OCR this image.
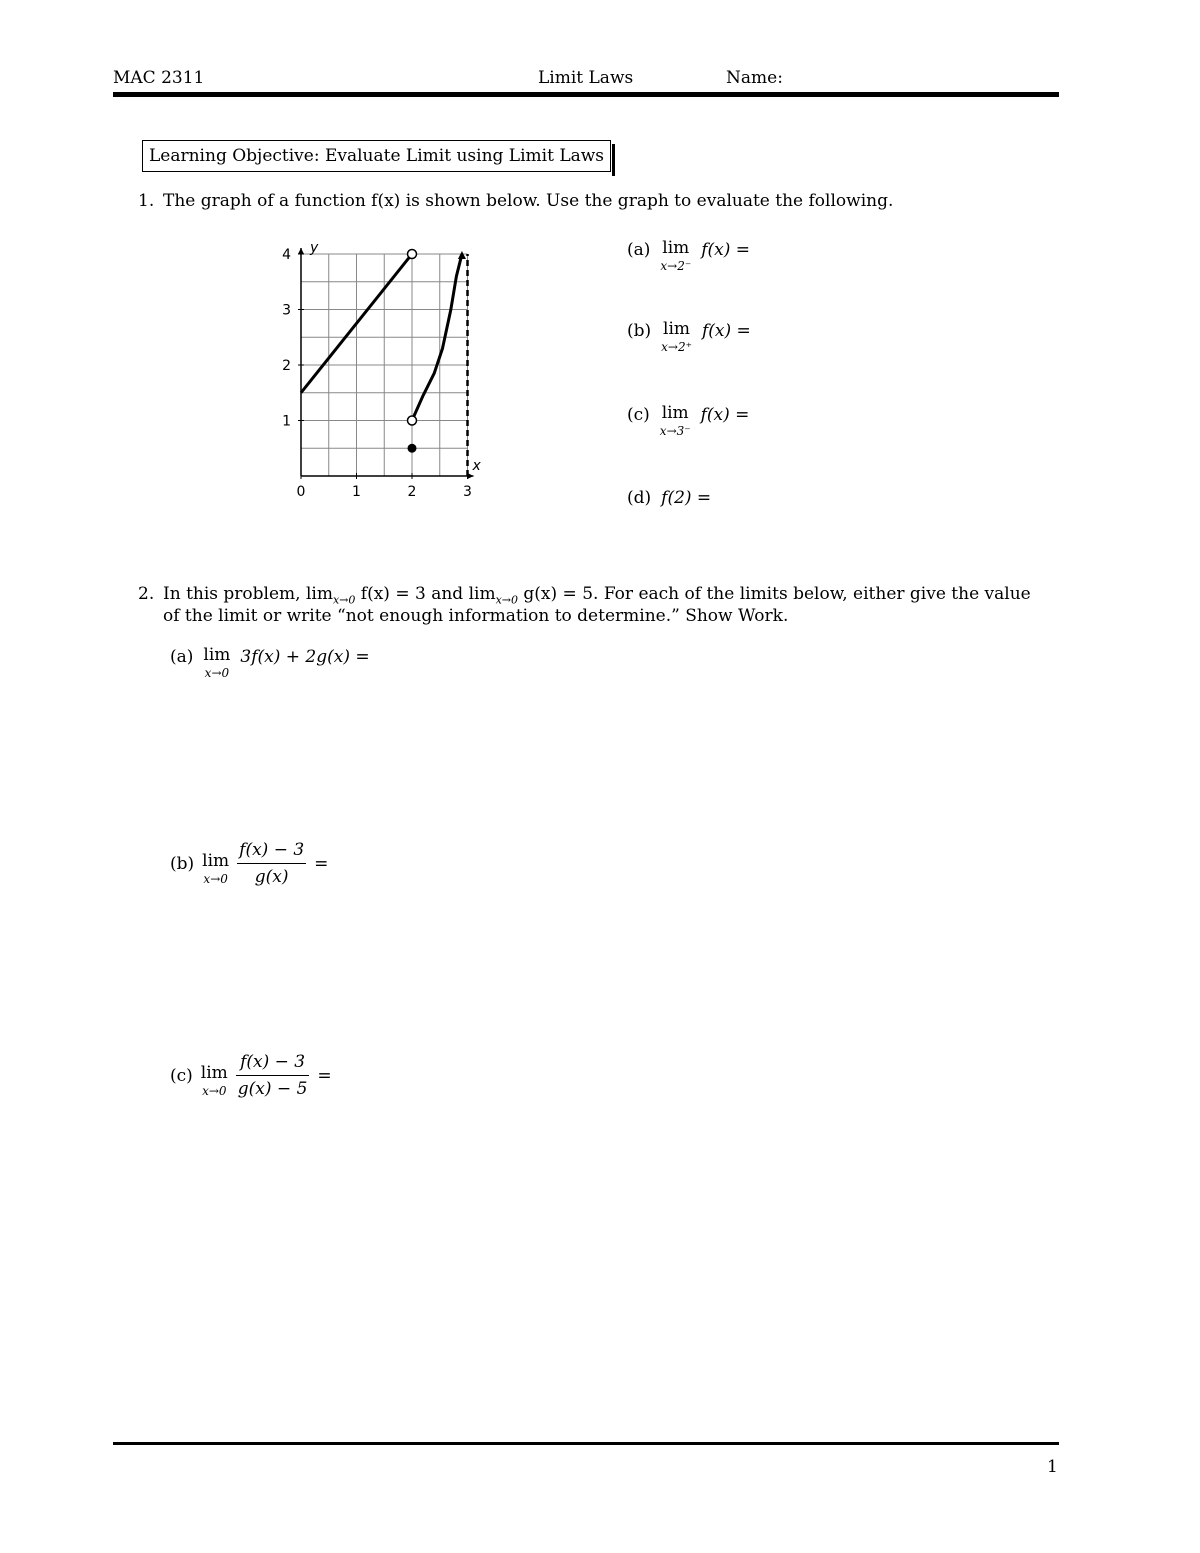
MAC 2311	Limit Laws	Name:
Learning Objective: Evaluate Limit using Limit Laws
1. The graph of a function f(x) is shown below. Use the graph to evaluate the following.
0	1	2	3
1
2
3
4
x
y	(a) lim
x→2⁻
f(x) =
(b) lim
x→2⁺
f(x) =
(c) lim
x→3⁻
f(x) =
(d) f(2) =
2. In this problem, $\lim_{x\to 0} f(x) = 3$ and $\lim_{x\to 0} g(x) = 5$. For each of the limits below, either give the value
of the limit or write “not enough information to determine.” Show Work.
(a) lim
x→0
3f(x) + 2g(x) =
(b) lim
$x\to 0 \frac{f(x) - 3}{g(x)}$ =
(c) lim
$x\to 0 \frac{f(x) - 3}{g(x) - 5}$ =
1
